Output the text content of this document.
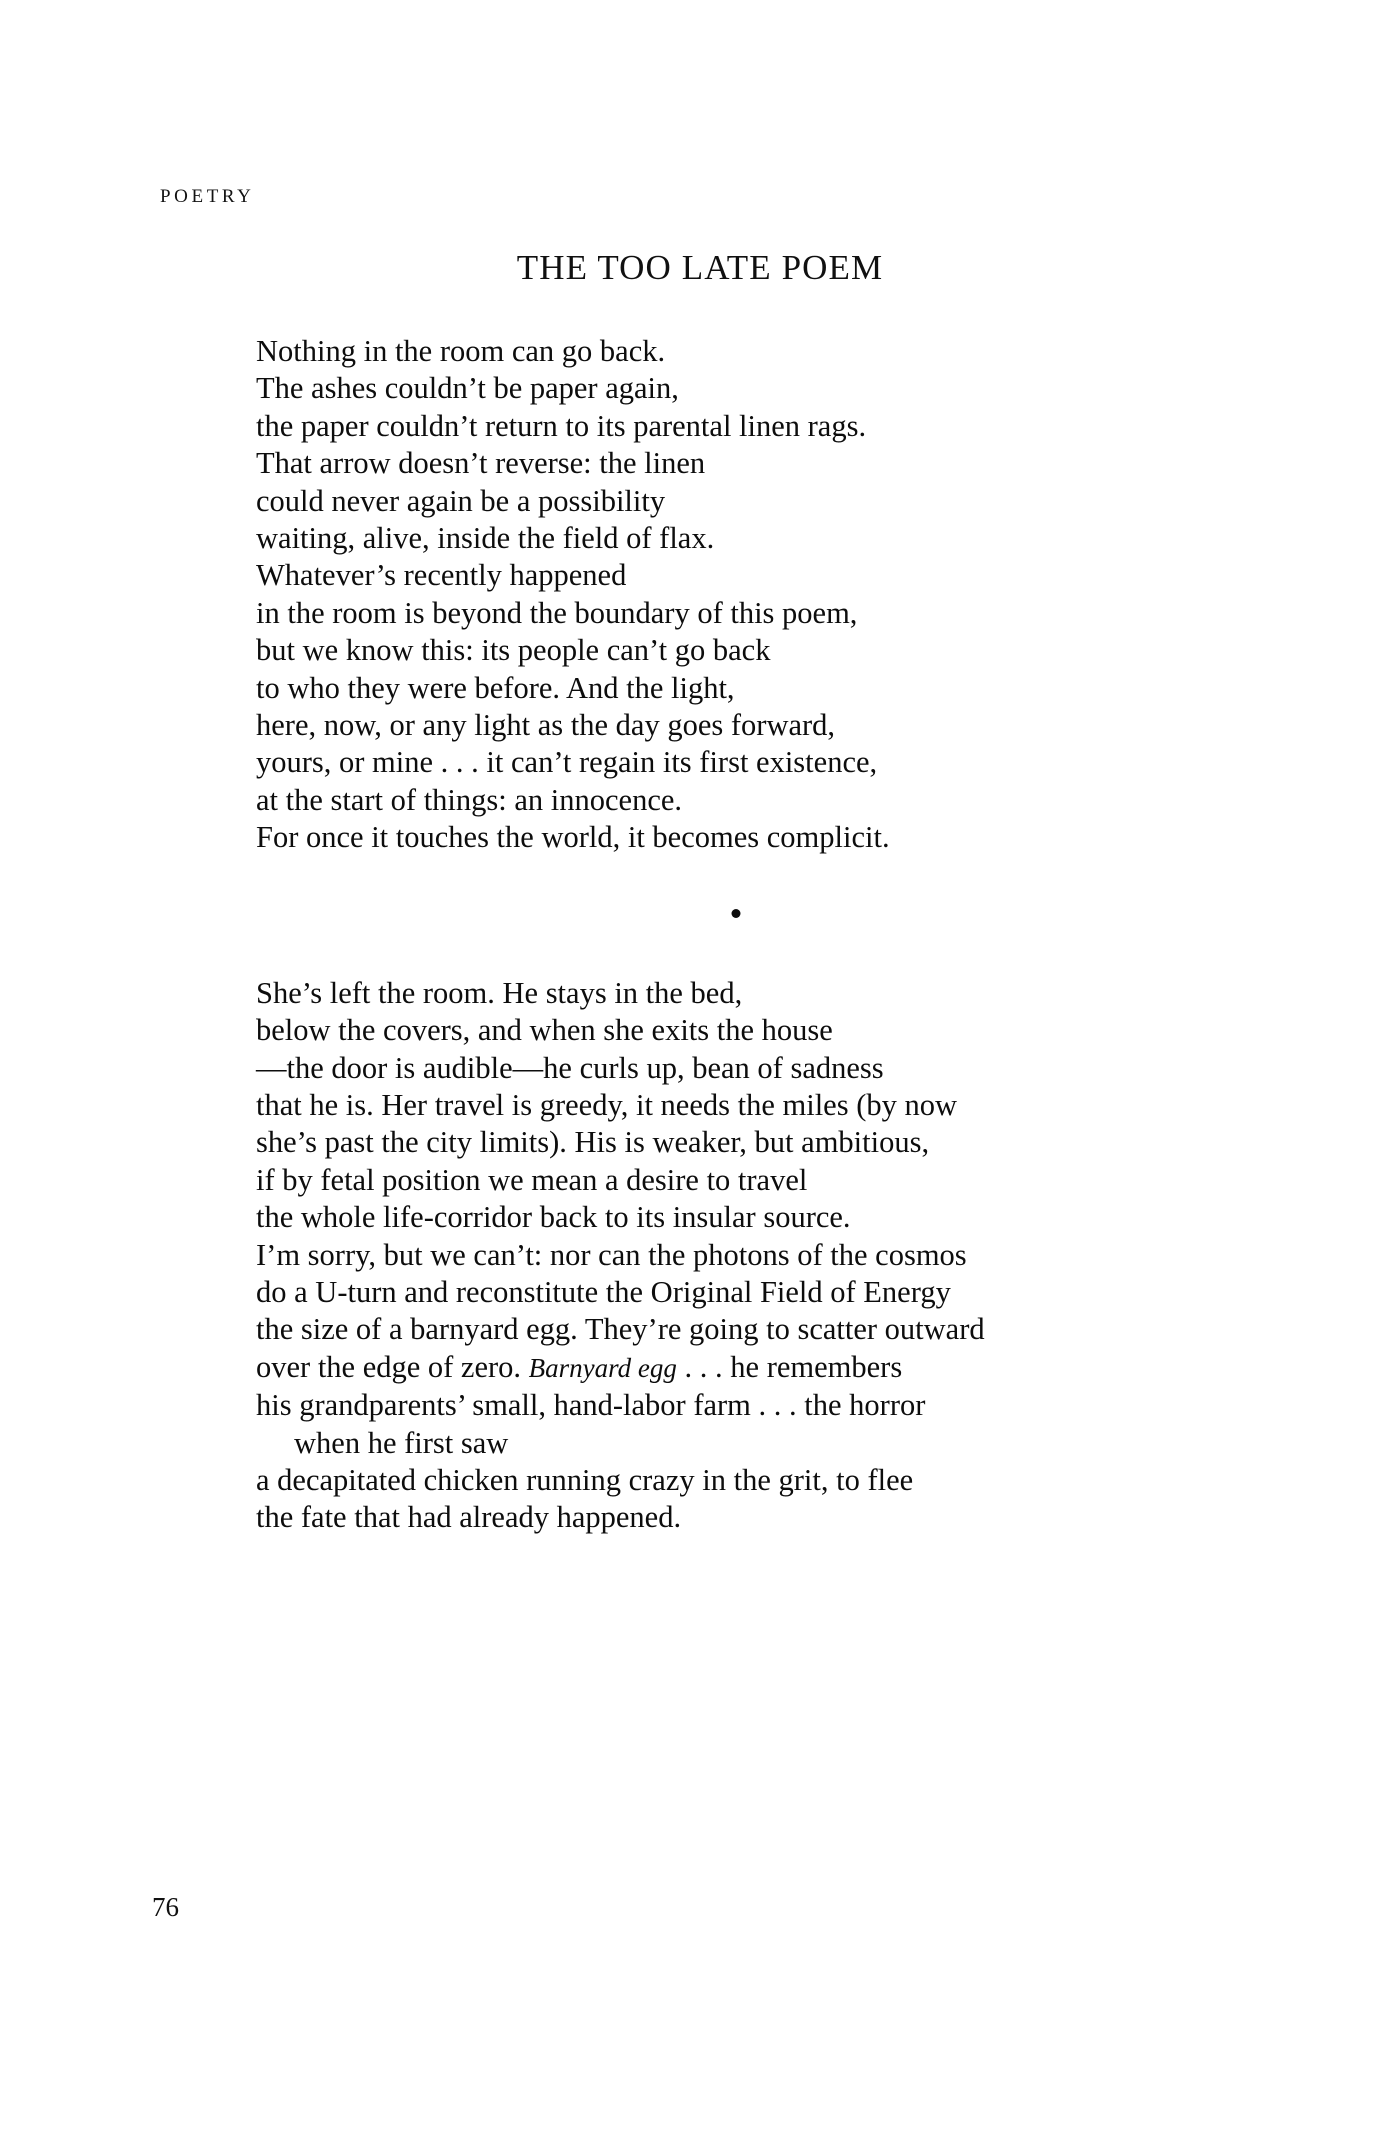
POETRY
THE TOO LATE POEM
Nothing in the room can go back.
The ashes couldn’t be paper again,
the paper couldn’t return to its parental linen rags.
That arrow doesn’t reverse: the linen
could never again be a possibility
waiting, alive, inside the field of flax.
Whatever’s recently happened
in the room is beyond the boundary of this poem,
but we know this: its people can’t go back
to who they were before. And the light,
here, now, or any light as the day goes forward,
yours, or mine . . . it can’t regain its first existence,
at the start of things: an innocence.
For once it touches the world, it becomes complicit.
She’s left the room. He stays in the bed,
below the covers, and when she exits the house
—the door is audible—he curls up, bean of sadness
that he is. Her travel is greedy, it needs the miles (by now
she’s past the city limits). His is weaker, but ambitious,
if by fetal position we mean a desire to travel
the whole life-corridor back to its insular source.
I’m sorry, but we can’t: nor can the photons of the cosmos
do a U-turn and reconstitute the Original Field of Energy
the size of a barnyard egg. They’re going to scatter outward
over the edge of zero. Barnyard egg . . . he remembers
his grandparents’ small, hand-labor farm . . . the horror
when he first saw
a decapitated chicken running crazy in the grit, to flee
the fate that had already happened.
76
